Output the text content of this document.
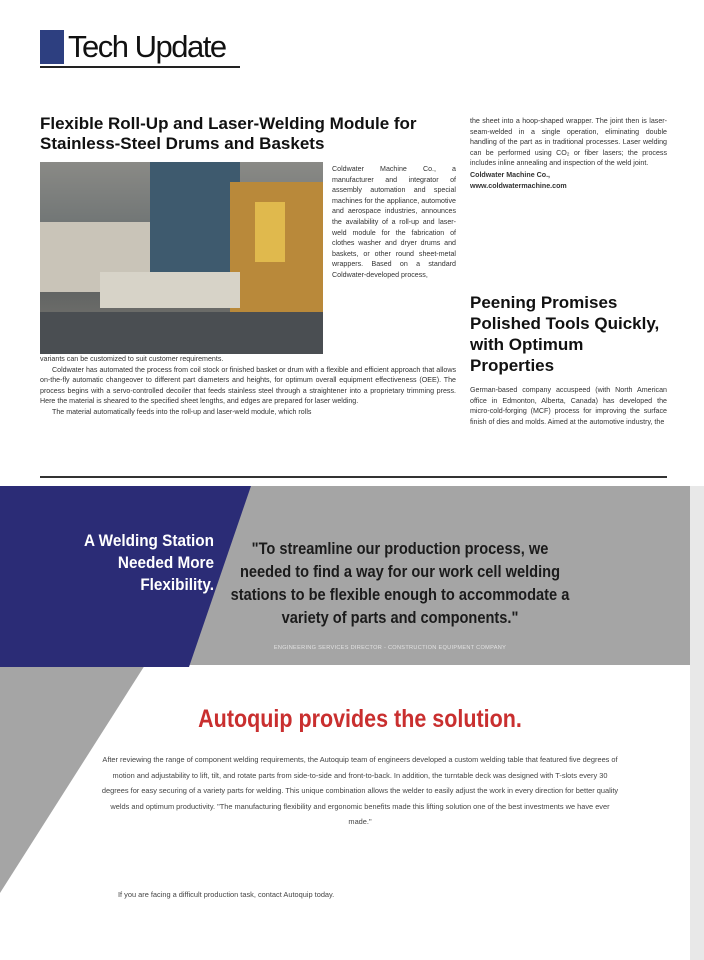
Tech Update
Flexible Roll-Up and Laser-Welding Module for Stainless-Steel Drums and Baskets

Coldwater Machine Co., a manufacturer and integrator of assembly automation and special machines for the appliance, automotive and aerospace industries, announces the availability of a roll-up and laser-weld module for the fabrication of clothes washer and dryer drums and baskets, or other round sheet-metal wrappers. Based on a standard Coldwater-developed process,

variants can be customized to suit customer requirements.

Coldwater has automated the process from coil stock or finished basket or drum with a flexible and efficient approach that allows on-the-fly automatic changeover to different part diameters and heights, for optimum overall equipment effectiveness (OEE). The process begins with a servo-controlled decoiler that feeds stainless steel through a straightener into a proprietary trimming press. Here the material is sheared to the specified sheet lengths, and edges are prepared for laser welding.

The material automatically feeds into the roll-up and laser-weld module, which rolls

the sheet into a hoop-shaped wrapper. The joint then is laser-seam-welded in a single operation, eliminating double handling of the part as in traditional processes. Laser welding can be performed using CO₂ or fiber lasers; the process includes inline annealing and inspection of the weld joint.

Coldwater Machine Co.,

www.coldwatermachine.com

Peening Promises Polished Tools Quickly, with Optimum Properties

German-based company accuspeed (with North American office in Edmonton, Alberta, Canada) has developed the micro-cold-forging (MCF) process for improving the surface finish of dies and molds. Aimed at the automotive industry, the

A Welding Station Needed More Flexibility.
"To streamline our production process, we needed to find a way for our work cell welding stations to be flexible enough to accommodate a variety of parts and components."
ENGINEERING SERVICES DIRECTOR - CONSTRUCTION EQUIPMENT COMPANY
Autoquip provides the solution.
After reviewing the range of component welding requirements, the Autoquip team of engineers developed a custom welding table that featured five degrees of motion and adjustability to lift, tilt, and rotate parts from side-to-side and front-to-back. In addition, the turntable deck was designed with T-slots every 30 degrees for easy securing of a variety parts for welding. This unique combination allows the welder to easily adjust the work in every direction for better quality welds and optimum productivity. "The manufacturing flexibility and ergonomic benefits made this lifting solution one of the best investments we have ever made."
If you are facing a difficult production task, contact Autoquip today.
